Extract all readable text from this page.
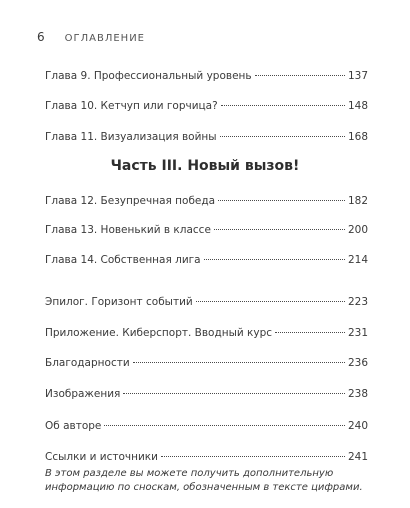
6 ОГЛАВЛЕНИЕ
Глава 9. Профессиональный уровень	137
Глава 10. Кетчуп или горчица?	148
Глава 11. Визуализация войны	168
Часть III. Новый вызов!
Глава 12. Безупречная победа	182
Глава 13. Новенький в классе	200
Глава 14. Собственная лига	214
Эпилог. Горизонт событий	223
Приложение. Киберспорт. Вводный курс	231
Благодарности	236
Изображения	238
Об авторе	240
Ссылки и источники	241
В этом разделе вы можете получить дополнительную
информацию по сноскам, обозначенным в тексте цифрами.
